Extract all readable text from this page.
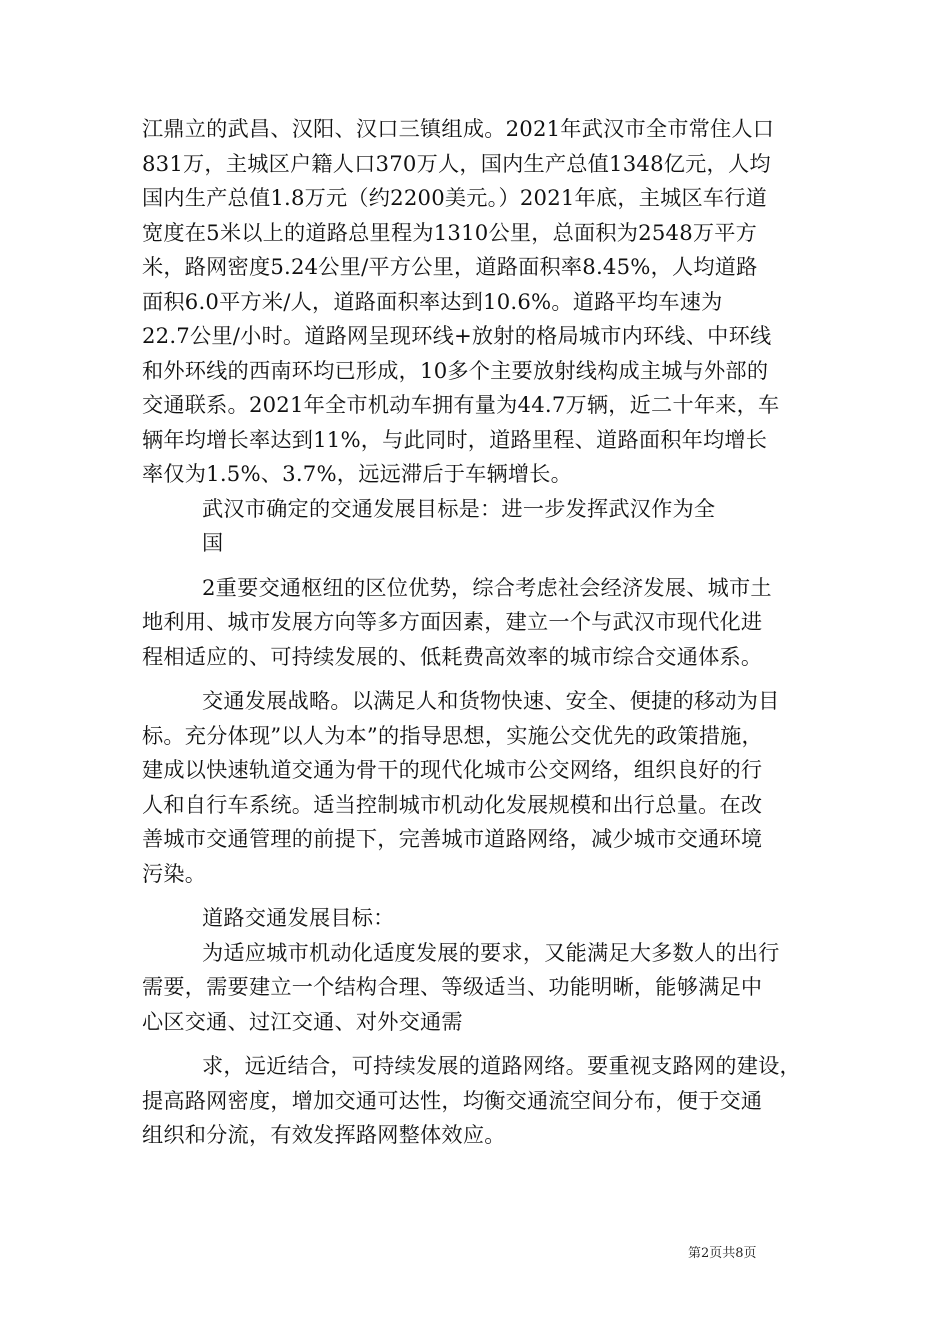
江鼎立的武昌、汉阳、汉口三镇组成。2021年武汉市全市常住人口
831万，主城区户籍人口370万人，国内生产总值1348亿元，人均
国内生产总值1.8万元（约2200美元。）2021年底，主城区车行道
宽度在5米以上的道路总里程为1310公里，总面积为2548万平方
米，路网密度5.24公里/平方公里，道路面积率8.45%，人均道路
面积6.0平方米/人，道路面积率达到10.6%。道路平均车速为
22.7公里/小时。道路网呈现环线+放射的格局城市内环线、中环线
和外环线的西南环均已形成，10多个主要放射线构成主城与外部的
交通联系。2021年全市机动车拥有量为44.7万辆，近二十年来，车
辆年均增长率达到11%，与此同时，道路里程、道路面积年均增长
率仅为1.5%、3.7%，远远滞后于车辆增长。
武汉市确定的交通发展目标是：进一步发挥武汉作为全
国
2重要交通枢纽的区位优势，综合考虑社会经济发展、城市土
地利用、城市发展方向等多方面因素，建立一个与武汉市现代化进
程相适应的、可持续发展的、低耗费高效率的城市综合交通体系。
交通发展战略。以满足人和货物快速、安全、便捷的移动为目
标。充分体现”以人为本”的指导思想，实施公交优先的政策措施，
建成以快速轨道交通为骨干的现代化城市公交网络，组织良好的行
人和自行车系统。适当控制城市机动化发展规模和出行总量。在改
善城市交通管理的前提下，完善城市道路网络，减少城市交通环境
污染。
道路交通发展目标：
为适应城市机动化适度发展的要求，又能满足大多数人的出行
需要，需要建立一个结构合理、等级适当、功能明晰，能够满足中
心区交通、过江交通、对外交通需
求，远近结合，可持续发展的道路网络。要重视支路网的建设，
提高路网密度，增加交通可达性，均衡交通流空间分布，便于交通
组织和分流，有效发挥路网整体效应。
第2页共8页
